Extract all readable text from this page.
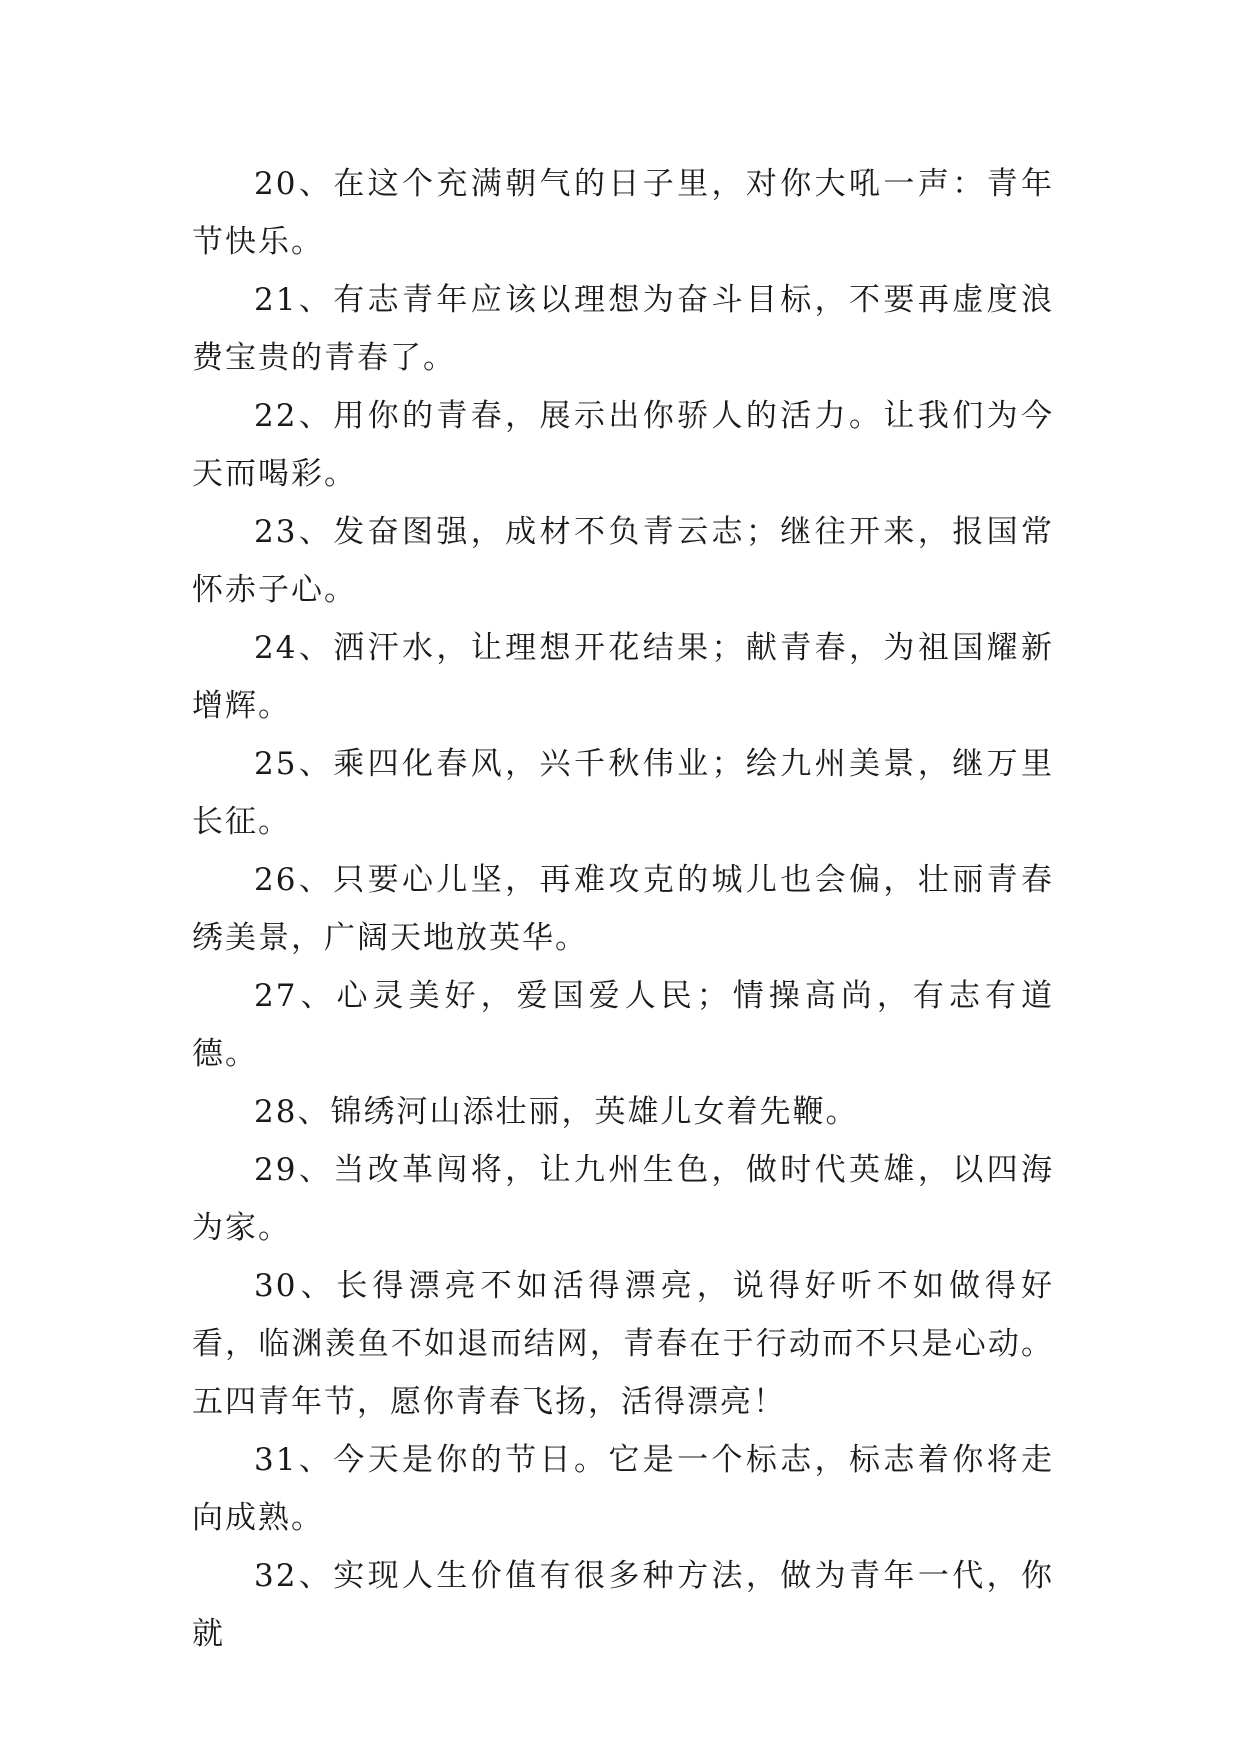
20、在这个充满朝气的日子里，对你大吼一声：青年节快乐。

21、有志青年应该以理想为奋斗目标，不要再虚度浪费宝贵的青春了。

22、用你的青春，展示出你骄人的活力。让我们为今天而喝彩。

23、发奋图强，成材不负青云志；继往开来，报国常怀赤子心。

24、洒汗水，让理想开花结果；献青春，为祖国耀新增辉。

25、乘四化春风，兴千秋伟业；绘九州美景，继万里长征。

26、只要心儿坚，再难攻克的城儿也会偏，壮丽青春绣美景，广阔天地放英华。

27、心灵美好，爱国爱人民；情操高尚，有志有道德。

28、锦绣河山添壮丽，英雄儿女着先鞭。

29、当改革闯将，让九州生色，做时代英雄，以四海为家。

30、长得漂亮不如活得漂亮，说得好听不如做得好看，临渊羡鱼不如退而结网，青春在于行动而不只是心动。五四青年节，愿你青春飞扬，活得漂亮！

31、今天是你的节日。它是一个标志，标志着你将走向成熟。

32、实现人生价值有很多种方法，做为青年一代，你就
